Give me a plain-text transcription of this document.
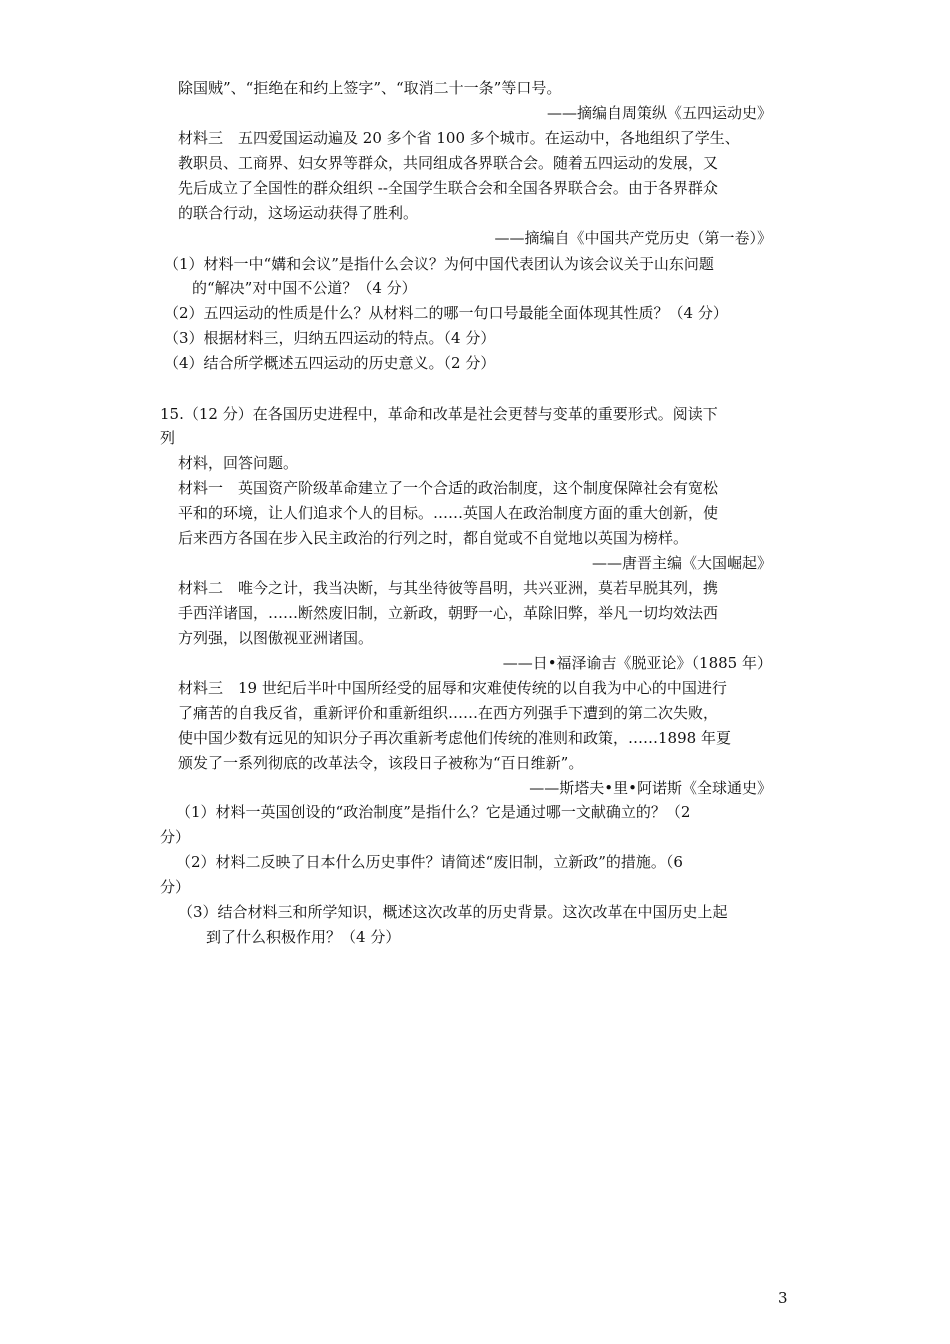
除国贼”、“拒绝在和约上签字”、“取消二十一条”等口号。
——摘编自周策纵《五四运动史》
材料三　五四爱国运动遍及 20 多个省 100 多个城市。在运动中，各地组织了学生、
教职员、工商界、妇女界等群众，共同组成各界联合会。随着五四运动的发展，又
先后成立了全国性的群众组织 --全国学生联合会和全国各界联合会。由于各界群众
的联合行动，这场运动获得了胜利。
——摘编自《中国共产党历史（第一卷）》
（1）材料一中“媾和会议”是指什么会议？为何中国代表团认为该会议关于山东问题
的“解决”对中国不公道？（4 分）
（2）五四运动的性质是什么？从材料二的哪一句口号最能全面体现其性质？（4 分）
（3）根据材料三，归纳五四运动的特点。（4 分）
（4）结合所学概述五四运动的历史意义。（2 分）
15.（12 分）在各国历史进程中，革命和改革是社会更替与变革的重要形式。阅读下
列
材料，回答问题。
材料一　英国资产阶级革命建立了一个合适的政治制度，这个制度保障社会有宽松
平和的环境，让人们追求个人的目标。……英国人在政治制度方面的重大创新，使
后来西方各国在步入民主政治的行列之时，都自觉或不自觉地以英国为榜样。
——唐晋主编《大国崛起》
材料二　唯今之计，我当决断，与其坐待彼等昌明，共兴亚洲，莫若早脱其列，携
手西洋诸国，……断然废旧制，立新政，朝野一心，革除旧弊，举凡一切均效法西
方列强，以图傲视亚洲诸国。
——日•福泽谕吉《脱亚论》（1885 年）
材料三　19 世纪后半叶中国所经受的屈辱和灾难使传统的以自我为中心的中国进行
了痛苦的自我反省，重新评价和重新组织……在西方列强手下遭到的第二次失败，
使中国少数有远见的知识分子再次重新考虑他们传统的准则和政策，……1898 年夏
颁发了一系列彻底的改革法令，该段日子被称为“百日维新”。
——斯塔夫•里•阿诺斯《全球通史》
（1）材料一英国创设的“政治制度”是指什么？它是通过哪一文献确立的？（2
分）
（2）材料二反映了日本什么历史事件？请简述“废旧制，立新政”的措施。（6
分）
（3）结合材料三和所学知识，概述这次改革的历史背景。这次改革在中国历史上起
到了什么积极作用？（4 分）
3
